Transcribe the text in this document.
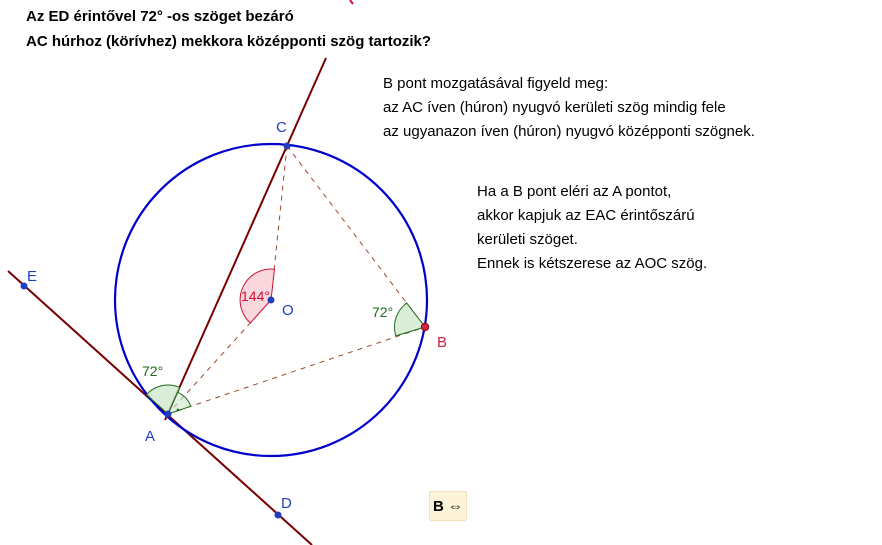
E
A
C
O
D
B
72°
72°
144°
Az ED érintővel 72° -os szöget bezáró
AC húrhoz (körívhez) mekkora középponti szög tartozik?
B pont mozgatásával figyeld meg:
az AC íven (húron) nyugvó kerületi szög mindig fele
az ugyanazon íven (húron) nyugvó középponti szögnek.
Ha a B pont eléri az A pontot,
akkor kapjuk az EAC érintőszárú
kerületi szöget.
Ennek is kétszerese az AOC szög.
B ⇔
